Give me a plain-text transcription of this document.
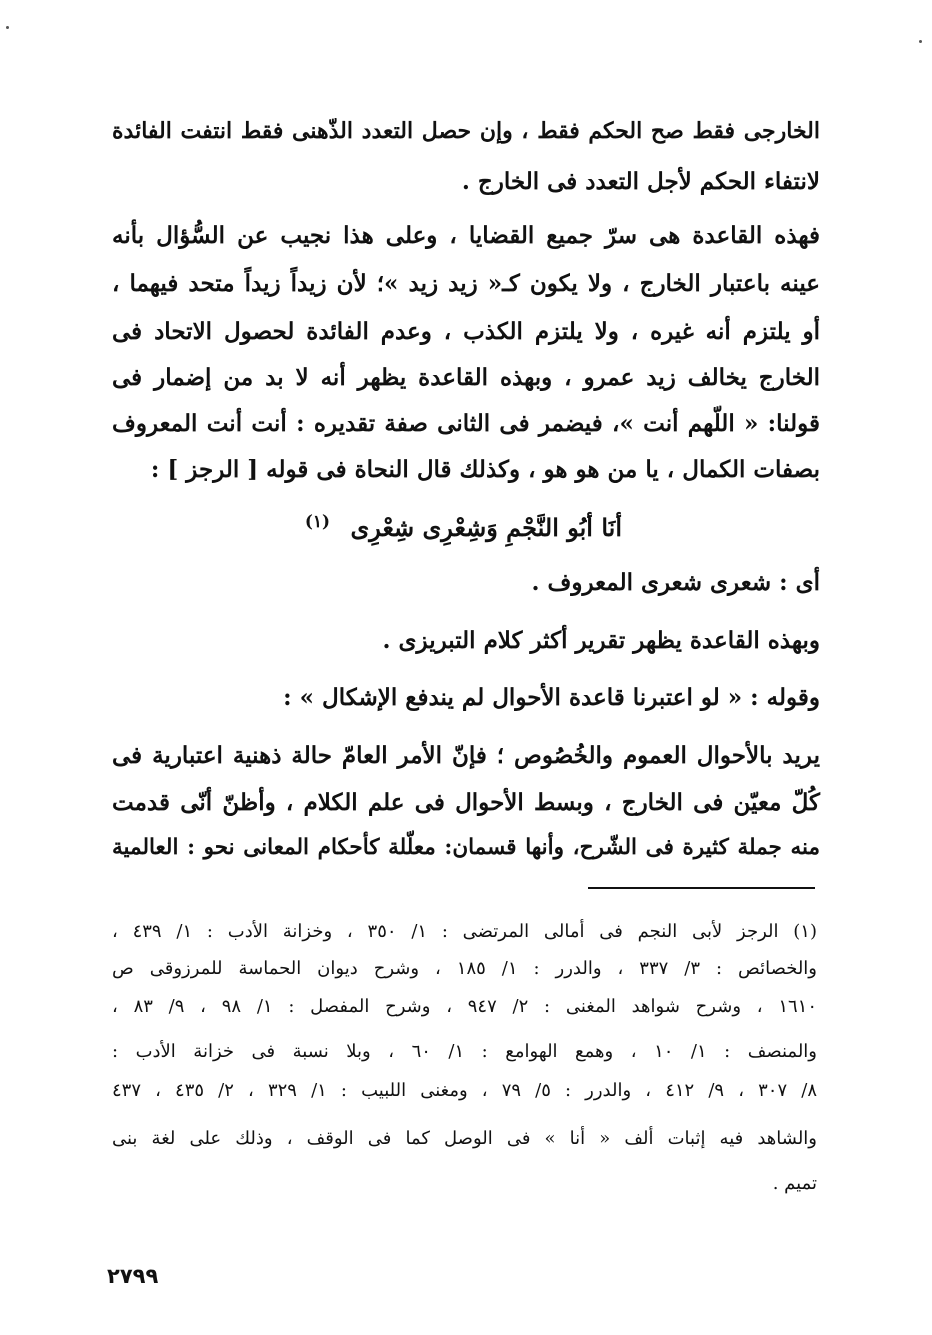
الخارجى فقط صح الحكم فقط ، وإن حصل التعدد الذّهنى فقط انتفت الفائدة
لانتفاء الحكم لأجل التعدد فى الخارج .
فهذه القاعدة هى سرّ جميع القضايا ، وعلى هذا نجيب عن السُّؤال بأنه
عينه باعتبار الخارج ، ولا يكون كـ« زيد زيد »؛ لأن زيداً زيداً متحد فيهما ،
أو يلتزم أنه غيره ، ولا يلتزم الكذب ، وعدم الفائدة لحصول الاتحاد فى
الخارج يخالف زيد عمرو ، وبهذه القاعدة يظهر أنه لا بد من إضمار فى
قولنا: « اللّهم أنت »، فيضمر فى الثانى صفة تقديره : أنت أنت المعروف
بصفات الكمال ، يا من هو هو ، وكذلك قال النحاة فى قوله [ الرجز ] :
أنَا أبُو النَّجْمِ وَشِعْرِى شِعْرِى $^{(١)}$
أى : شعرى شعرى المعروف .
وبهذه القاعدة يظهر تقرير أكثر كلام التبريزى .
وقوله : « لو اعتبرنا قاعدة الأحوال لم يندفع الإشكال » :
يريد بالأحوال العموم والخُصُوص ؛ فإنّ الأمر العامّ حالة ذهنية اعتبارية فى
كُلّ معيّن فى الخارج ، وبسط الأحوال فى علم الكلام ، وأظنّ أنّى قدمت
منه جملة كثيرة فى الشّرح، وأنها قسمان: معلّلة كأحكام المعانى نحو : العالمية
(١) الرجز لأبى النجم فى أمالى المرتضى : ١/ ٣٥٠ ، وخزانة الأدب : ١/ ٤٣٩ ،
والخصائص : ٣/ ٣٣٧ ، والدرر : ١/ ١٨٥ ، وشرح ديوان الحماسة للمرزوقى ص
١٦١٠ ، وشرح شواهد المغنى : ٢/ ٩٤٧ ، وشرح المفصل : ١/ ٩٨ ، ٩/ ٨٣ ،
والمنصف : ١/ ١٠ ، وهمع الهوامع : ١/ ٦٠ ، وبلا نسبة فى خزانة الأدب :
٨/ ٣٠٧ ، ٩/ ٤١٢ ، والدرر : ٥/ ٧٩ ، ومغنى اللبيب : ١/ ٣٢٩ ، ٢/ ٤٣٥ ، ٤٣٧
والشاهد فيه إثبات ألف « أنا » فى الوصل كما فى الوقف ، وذلك على لغة بنى
تميم .
٢٧٩٩
